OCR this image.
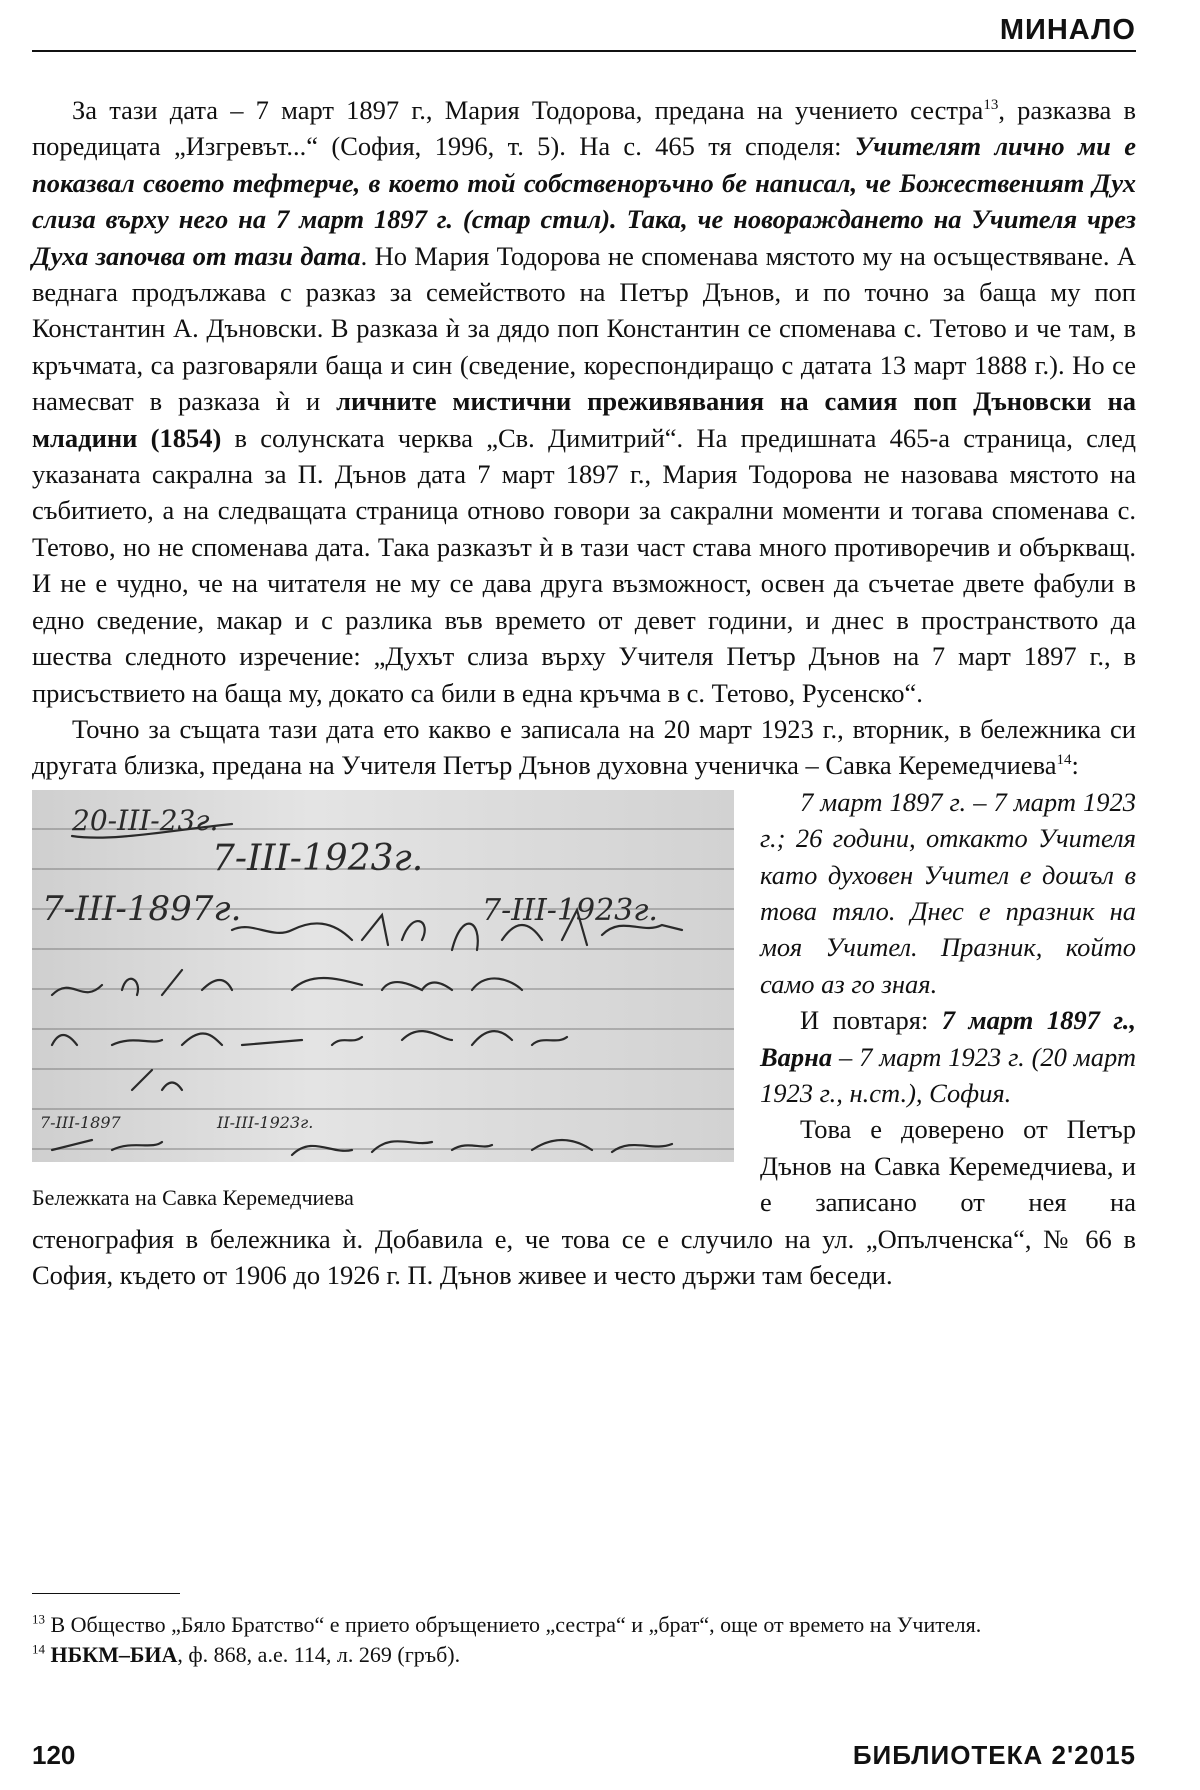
МИНАЛО

За тази дата – 7 март 1897 г., Мария Тодорова, предана на учението сестра$^{13}$, разказва в поредицата „Изгревът...“ (София, 1996, т. 5). На с. 465 тя споделя: Учителят лично ми е показвал своето тефтерче, в което той собственоръчно бе написал, че Божественият Дух слиза върху него на 7 март 1897 г. (стар стил). Така, че новораждането на Учителя чрез Духа започва от тази дата. Но Мария Тодорова не споменава мястото му на осъществяване. А веднага продължава с разказ за семейството на Петър Дънов, и по точно за баща му поп Константин А. Дъновски. В разказа ѝ за дядо поп Константин се споменава с. Тетово и че там, в кръчмата, са разговаряли баща и син (сведение, кореспондиращо с датата 13 март 1888 г.). Но се намесват в разказа ѝ и личните мистични преживявания на самия поп Дъновски на младини (1854) в солунската черква „Св. Димитрий“. На предишната 465-а страница, след указаната сакрална за П. Дънов дата 7 март 1897 г., Мария Тодорова не назовава мястото на събитието, а на следващата страница отново говори за сакрални моменти и тогава споменава с. Тетово, но не споменава дата. Така разказът ѝ в тази част става много противоречив и объркващ. И не е чудно, че на читателя не му се дава друга възможност, освен да съчетае двете фабули в едно сведение, макар и с разлика във времето от девет години, и днес в пространството да шества следното изречение: „Духът слиза върху Учителя Петър Дънов на 7 март 1897 г., в присъствието на баща му, докато са били в една кръчма в с. Тетово, Русенско“.

Точно за същата тази дата ето какво е записала на 20 март 1923 г., вторник, в бележника си другата близка, предана на Учителя Петър Дънов духовна ученичка – Савка Керемедчиева$^{14}$:

20-III-23г.
7-III-1923г.
7-III-1897г.	7-III-1923г.
7-III-1897	II-III-1923г.
Бележката на Савка Керемедчиева

7 март 1897 г. – 7 март 1923 г.; 26 години, откакто Учителя като духовен Учител е дошъл в това тяло. Днес е празник на моя Учител. Празник, който само аз го зная.

И повтаря: 7 март 1897 г., Варна – 7 март 1923 г. (20 март 1923 г., н.ст.), София.

Това е доверено от Петър Дънов на Савка Керемедчиева, и е записано от нея на стенография в бележника ѝ. Добавила е, че това се е случило на ул. „Опълченска“, № 66 в София, където от 1906 до 1926 г. П. Дънов живее и често държи там беседи.

$^{13}$ В Общество „Бяло Братство“ е прието обръщението „сестра“ и „брат“, още от времето на Учителя.

$^{14}$ НБКМ–БИА, ф. 868, а.е. 114, л. 269 (гръб).

120	БИБЛИОТЕКА 2'2015
